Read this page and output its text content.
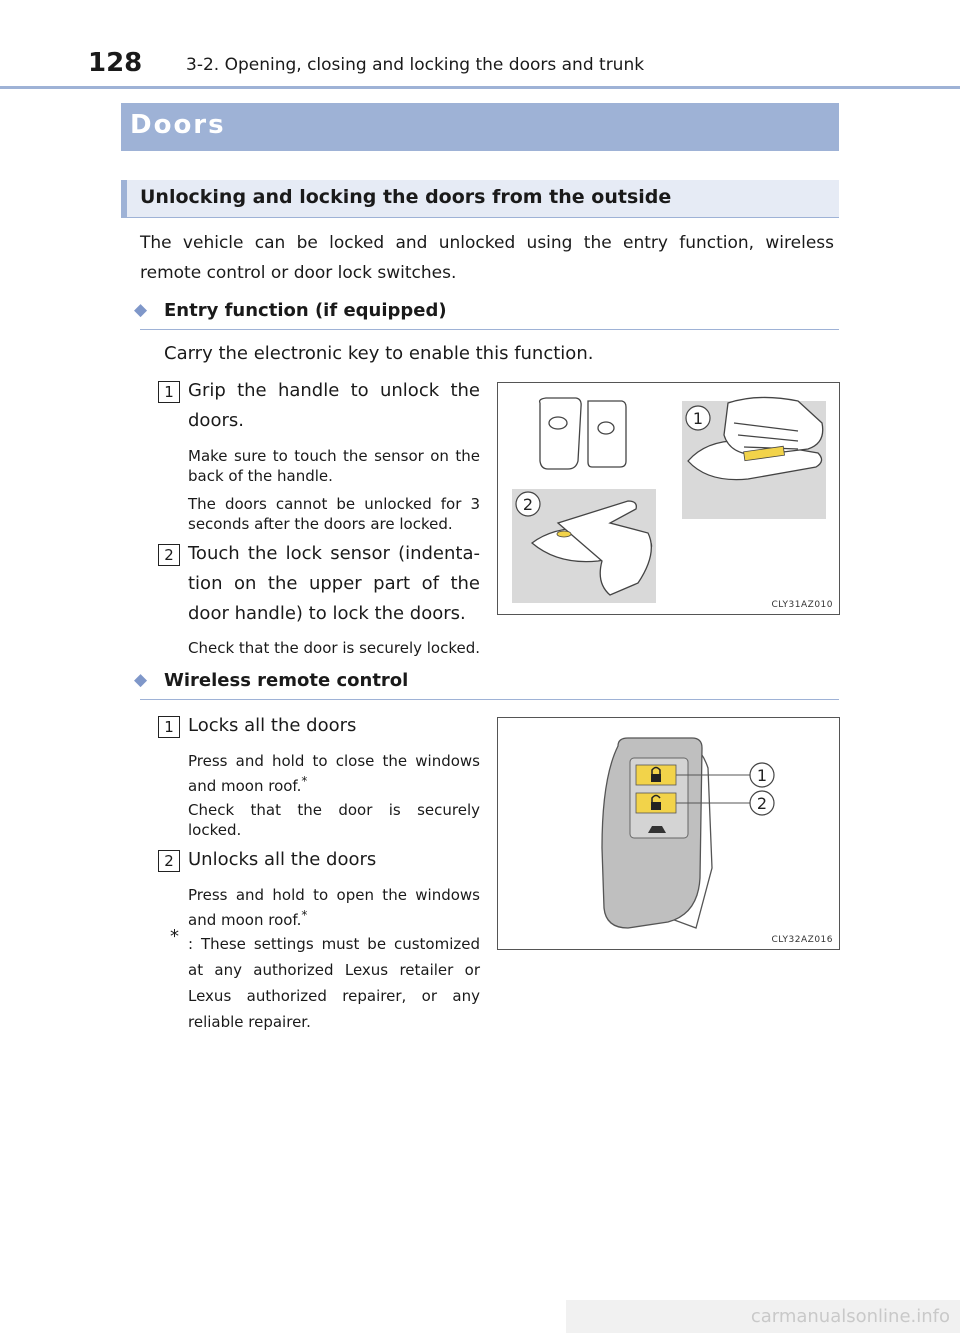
128	3-2. Opening, closing and locking the doors and trunk
Doors
Unlocking and locking the doors from the outside
The vehicle can be locked and unlocked using the entry function, wireless remote control or door lock switches.
◆ Entry function (if equipped)
Carry the electronic key to enable this function.
1 Grip the handle to unlock the doors.
Make sure to touch the sensor on the back of the handle.
The doors cannot be unlocked for 3 seconds after the doors are locked.
2 Touch the lock sensor (indenta-tion on the upper part of the door handle) to lock the doors.
Check that the door is securely locked.
1
2
CLY31AZ010
◆ Wireless remote control
1 Locks all the doors
Press and hold to close the windows and moon roof.*
Check that the door is securely locked.
2 Unlocks all the doors
Press and hold to open the windows and moon roof.*
* : These settings must be customized at any authorized Lexus retailer or Lexus authorized repairer, or any reliable repairer.
1
2
CLY32AZ016
carmanualsonline.info
